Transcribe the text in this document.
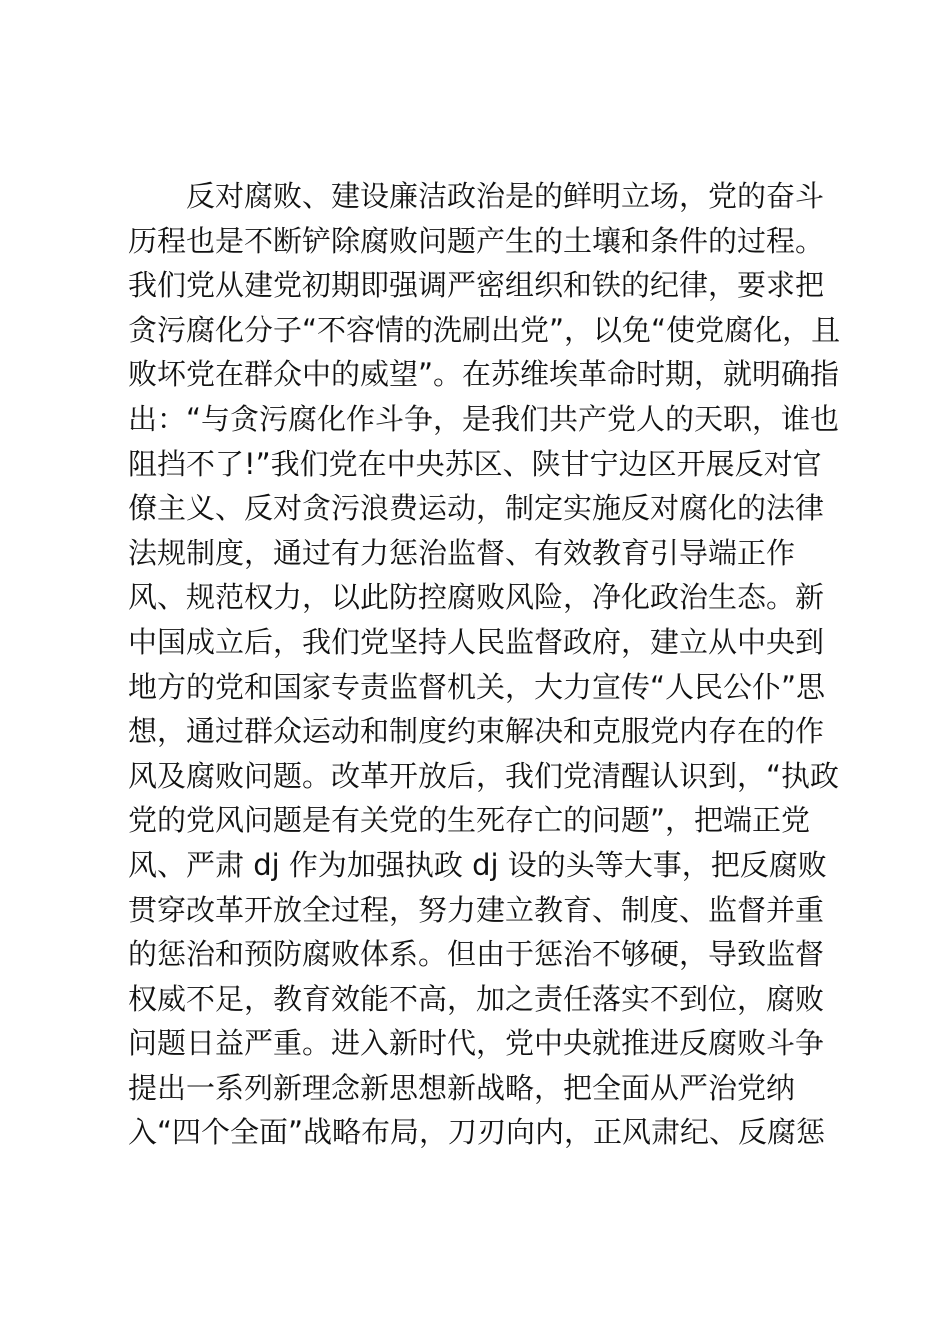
反对腐败、建设廉洁政治是的鲜明立场，党的奋斗
历程也是不断铲除腐败问题产生的土壤和条件的过程。
我们党从建党初期即强调严密组织和铁的纪律，要求把
贪污腐化分子“不容情的洗刷出党”，以免“使党腐化，且
败坏党在群众中的威望”。在苏维埃革命时期，就明确指
出：“与贪污腐化作斗争，是我们共产党人的天职，谁也
阻挡不了!”我们党在中央苏区、陕甘宁边区开展反对官
僚主义、反对贪污浪费运动，制定实施反对腐化的法律
法规制度，通过有力惩治监督、有效教育引导端正作
风、规范权力，以此防控腐败风险，净化政治生态。新
中国成立后，我们党坚持人民监督政府，建立从中央到
地方的党和国家专责监督机关，大力宣传“人民公仆”思
想，通过群众运动和制度约束解决和克服党内存在的作
风及腐败问题。改革开放后，我们党清醒认识到，“执政
党的党风问题是有关党的生死存亡的问题”，把端正党
风、严肃 dj 作为加强执政 dj 设的头等大事，把反腐败
贯穿改革开放全过程，努力建立教育、制度、监督并重
的惩治和预防腐败体系。但由于惩治不够硬，导致监督
权威不足，教育效能不高，加之责任落实不到位，腐败
问题日益严重。进入新时代，党中央就推进反腐败斗争
提出一系列新理念新思想新战略，把全面从严治党纳
入“四个全面”战略布局，刀刃向内，正风肃纪、反腐惩
